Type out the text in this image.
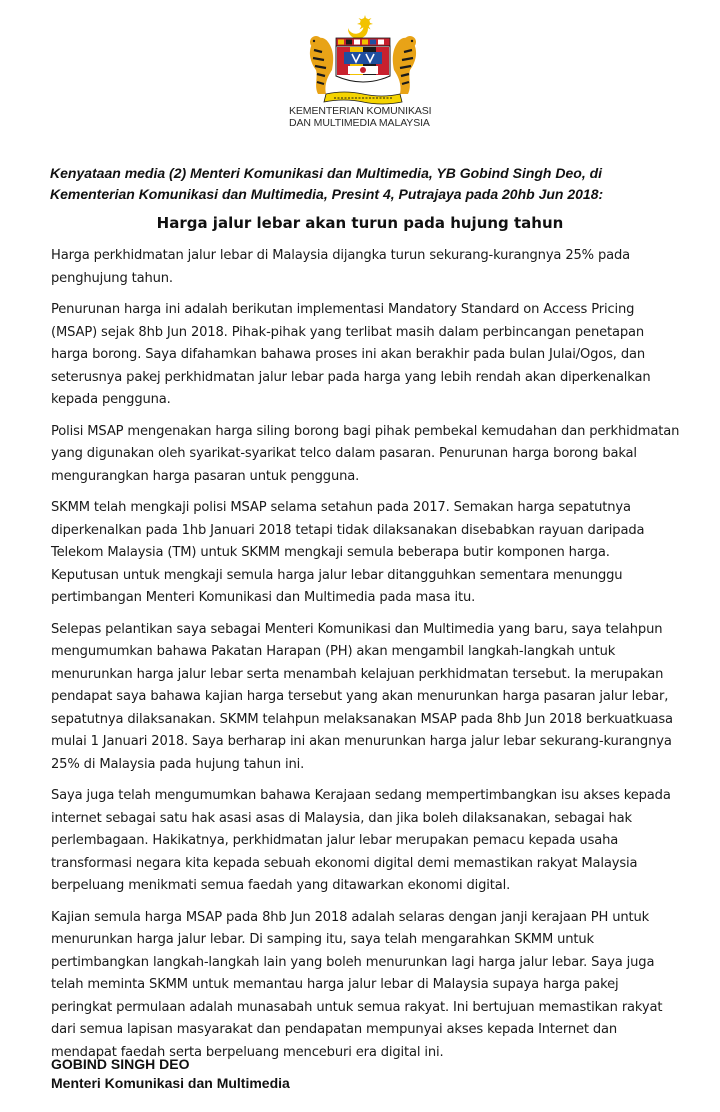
KEMENTERIAN KOMUNIKASI
DAN MULTIMEDIA MALAYSIA

Kenyataan media (2) Menteri Komunikasi dan Multimedia, YB Gobind Singh Deo, di Kementerian Komunikasi dan Multimedia, Presint 4, Putrajaya pada 20hb Jun 2018:

Harga jalur lebar akan turun pada hujung tahun

Harga perkhidmatan jalur lebar di Malaysia dijangka turun sekurang-kurangnya 25% pada penghujung tahun.

Penurunan harga ini adalah berikutan implementasi Mandatory Standard on Access Pricing (MSAP) sejak 8hb Jun 2018. Pihak-pihak yang terlibat masih dalam perbincangan penetapan harga borong. Saya difahamkan bahawa proses ini akan berakhir pada bulan Julai/Ogos, dan seterusnya pakej perkhidmatan jalur lebar pada harga yang lebih rendah akan diperkenalkan kepada pengguna.

Polisi MSAP mengenakan harga siling borong bagi pihak pembekal kemudahan dan perkhidmatan yang digunakan oleh syarikat-syarikat telco dalam pasaran. Penurunan harga borong bakal mengurangkan harga pasaran untuk pengguna.

SKMM telah mengkaji polisi MSAP selama setahun pada 2017. Semakan harga sepatutnya diperkenalkan pada 1hb Januari 2018 tetapi tidak dilaksanakan disebabkan rayuan daripada Telekom Malaysia (TM) untuk SKMM mengkaji semula beberapa butir komponen harga. Keputusan untuk mengkaji semula harga jalur lebar ditangguhkan sementara menunggu pertimbangan Menteri Komunikasi dan Multimedia pada masa itu.

Selepas pelantikan saya sebagai Menteri Komunikasi dan Multimedia yang baru, saya telahpun mengumumkan bahawa Pakatan Harapan (PH) akan mengambil langkah-langkah untuk menurunkan harga jalur lebar serta menambah kelajuan perkhidmatan tersebut. Ia merupakan pendapat saya bahawa kajian harga tersebut yang akan menurunkan harga pasaran jalur lebar, sepatutnya dilaksanakan. SKMM telahpun melaksanakan MSAP pada 8hb Jun 2018 berkuatkuasa mulai 1 Januari 2018. Saya berharap ini akan menurunkan harga jalur lebar sekurang-kurangnya 25% di Malaysia pada hujung tahun ini.

Saya juga telah mengumumkan bahawa Kerajaan sedang mempertimbangkan isu akses kepada internet sebagai satu hak asasi asas di Malaysia, dan jika boleh dilaksanakan, sebagai hak perlembagaan. Hakikatnya, perkhidmatan jalur lebar merupakan pemacu kepada usaha transformasi negara kita kepada sebuah ekonomi digital demi memastikan rakyat Malaysia berpeluang menikmati semua faedah yang ditawarkan ekonomi digital.

Kajian semula harga MSAP pada 8hb Jun 2018 adalah selaras dengan janji kerajaan PH untuk menurunkan harga jalur lebar. Di samping itu, saya telah mengarahkan SKMM untuk pertimbangkan langkah-langkah lain yang boleh menurunkan lagi harga jalur lebar. Saya juga telah meminta SKMM untuk memantau harga jalur lebar di Malaysia supaya harga pakej peringkat permulaan adalah munasabah untuk semua rakyat. Ini bertujuan memastikan rakyat dari semua lapisan masyarakat dan pendapatan mempunyai akses kepada Internet dan mendapat faedah serta berpeluang menceburi era digital ini.

GOBIND SINGH DEO
Menteri Komunikasi dan Multimedia
